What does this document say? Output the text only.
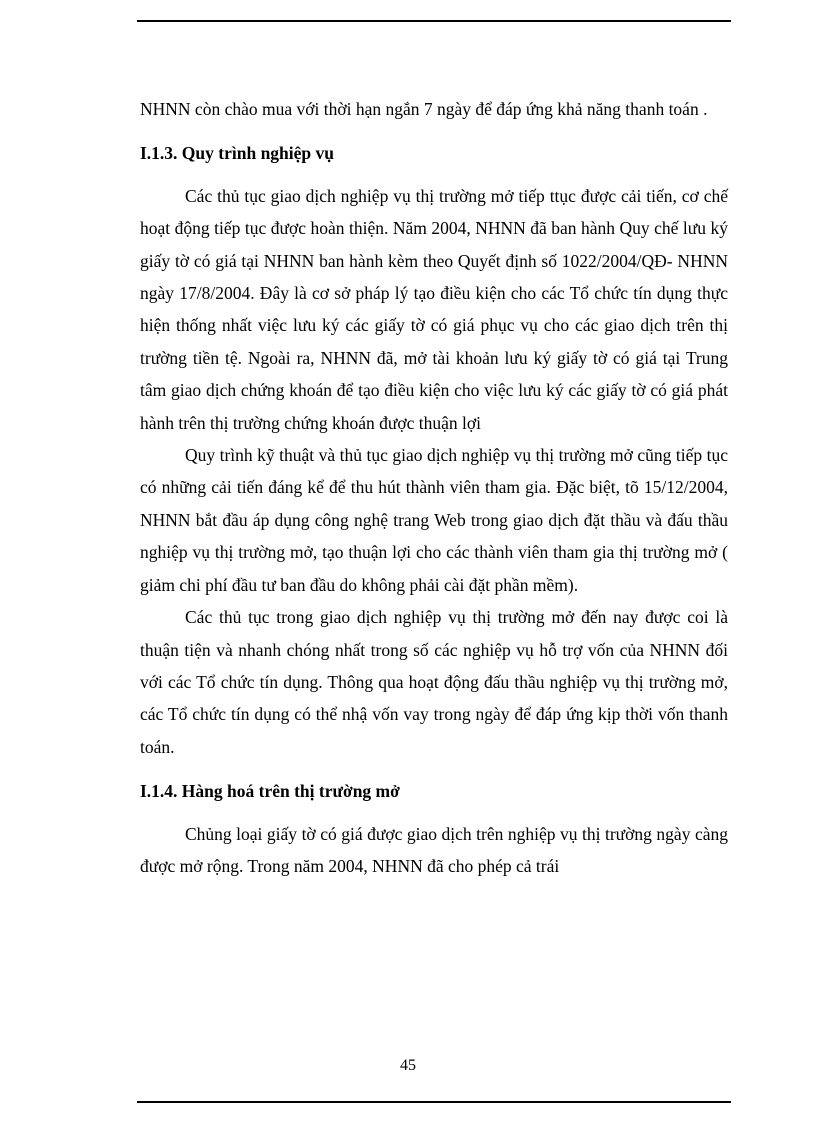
NHNN còn chào mua với thời hạn ngắn 7 ngày để đáp ứng khả năng thanh toán .

I.1.3. Quy trình nghiệp vụ

Các thủ tục giao dịch nghiệp vụ thị trường mở tiếp ttục được cải tiến, cơ chế hoạt động tiếp tục được hoàn thiện. Năm 2004, NHNN đã ban hành Quy chế lưu ký giấy tờ có giá tại NHNN ban hành kèm theo Quyết định số 1022/2004/QĐ- NHNN ngày 17/8/2004. Đây là cơ sở pháp lý tạo điều kiện cho các Tổ chức tín dụng thực hiện thống nhất việc lưu ký các giấy tờ có giá phục vụ cho các giao dịch trên thị trường tiền tệ. Ngoài ra, NHNN đã, mở tài khoản lưu ký giấy tờ có giá tại Trung tâm giao dịch chứng khoán để tạo điều kiện cho việc lưu ký các giấy tờ có giá phát hành trên thị trường chứng khoán được thuận lợi

Quy trình kỹ thuật và thủ tục giao dịch nghiệp vụ thị trường mở cũng tiếp tục có những cải tiến đáng kể để thu hút thành viên tham gia. Đặc biệt, tõ 15/12/2004, NHNN bắt đầu áp dụng công nghệ trang Web trong giao dịch đặt thầu và đấu thầu nghiệp vụ thị trường mở, tạo thuận lợi cho các thành viên tham gia thị trường mở ( giảm chi phí đầu tư ban đầu do không phải cài đặt phần mềm).

Các thủ tục trong giao dịch nghiệp vụ thị trường mở đến nay được coi là thuận tiện và nhanh chóng nhất trong số các nghiệp vụ hỗ trợ vốn của NHNN đối với các Tổ chức tín dụng. Thông qua hoạt động đấu thầu nghiệp vụ thị trường mở, các Tổ chức tín dụng có thể nhậ vốn vay trong ngày để đáp ứng kịp thời vốn thanh toán.

I.1.4. Hàng hoá trên thị trường mở

Chủng loại giấy tờ có giá được giao dịch trên nghiệp vụ thị trường ngày càng được mở rộng. Trong năm 2004, NHNN đã cho phép cả trái

45
